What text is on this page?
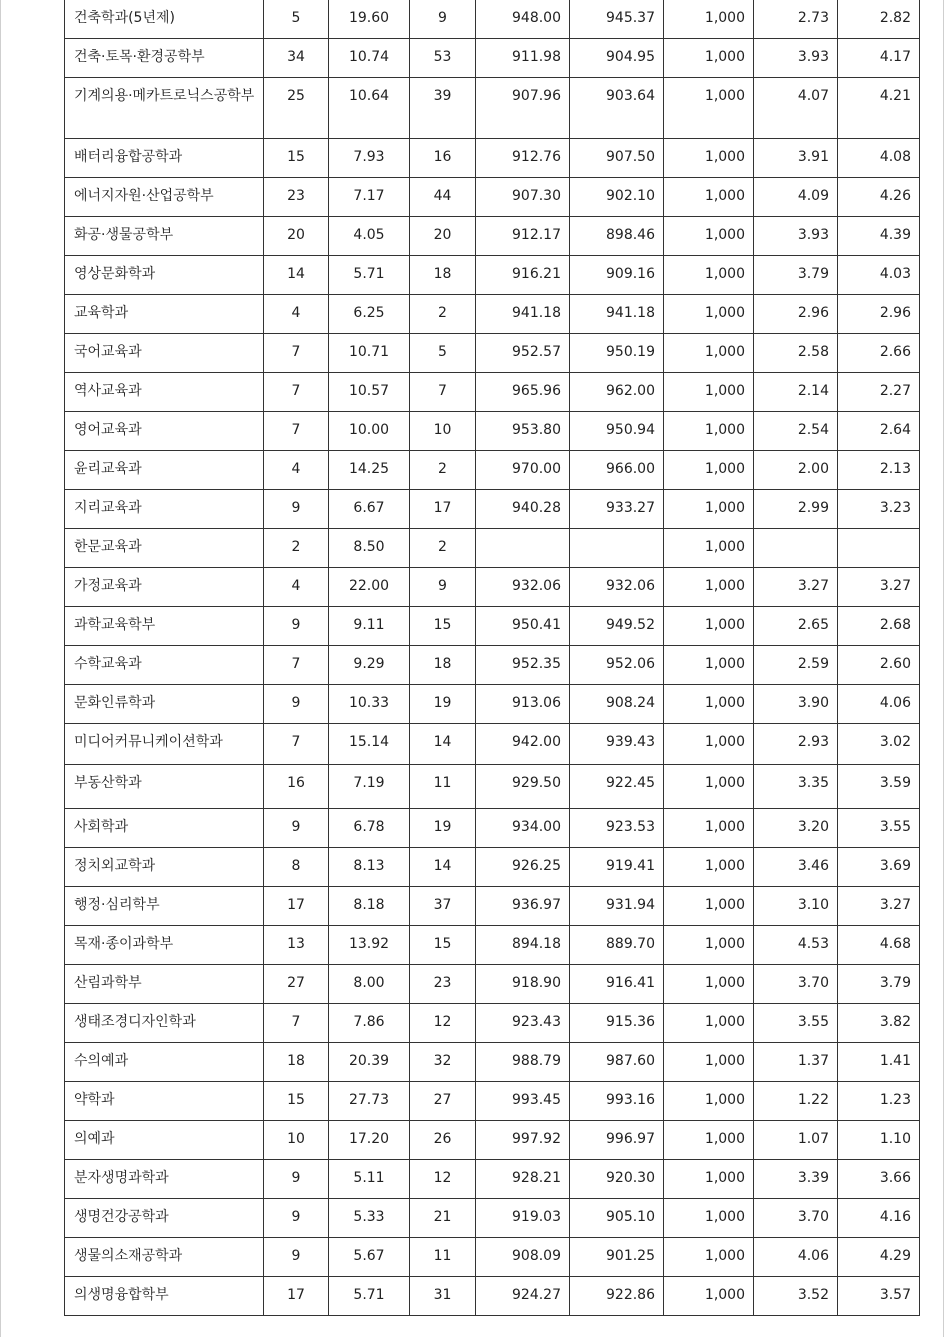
건축학과(5년제)	5	19.60	9	948.00	945.37	1,000	2.73	2.82
건축·토목·환경공학부	34	10.74	53	911.98	904.95	1,000	3.93	4.17
기계의용·메카트로닉스공학부	25	10.64	39	907.96	903.64	1,000	4.07	4.21
배터리융합공학과	15	7.93	16	912.76	907.50	1,000	3.91	4.08
에너지자원·산업공학부	23	7.17	44	907.30	902.10	1,000	4.09	4.26
화공·생물공학부	20	4.05	20	912.17	898.46	1,000	3.93	4.39
영상문화학과	14	5.71	18	916.21	909.16	1,000	3.79	4.03
교육학과	4	6.25	2	941.18	941.18	1,000	2.96	2.96
국어교육과	7	10.71	5	952.57	950.19	1,000	2.58	2.66
역사교육과	7	10.57	7	965.96	962.00	1,000	2.14	2.27
영어교육과	7	10.00	10	953.80	950.94	1,000	2.54	2.64
윤리교육과	4	14.25	2	970.00	966.00	1,000	2.00	2.13
지리교육과	9	6.67	17	940.28	933.27	1,000	2.99	3.23
한문교육과	2	8.50	2			1,000		
가정교육과	4	22.00	9	932.06	932.06	1,000	3.27	3.27
과학교육학부	9	9.11	15	950.41	949.52	1,000	2.65	2.68
수학교육과	7	9.29	18	952.35	952.06	1,000	2.59	2.60
문화인류학과	9	10.33	19	913.06	908.24	1,000	3.90	4.06
미디어커뮤니케이션학과	7	15.14	14	942.00	939.43	1,000	2.93	3.02
부동산학과	16	7.19	11	929.50	922.45	1,000	3.35	3.59
사회학과	9	6.78	19	934.00	923.53	1,000	3.20	3.55
정치외교학과	8	8.13	14	926.25	919.41	1,000	3.46	3.69
행정·심리학부	17	8.18	37	936.97	931.94	1,000	3.10	3.27
목재·종이과학부	13	13.92	15	894.18	889.70	1,000	4.53	4.68
산림과학부	27	8.00	23	918.90	916.41	1,000	3.70	3.79
생태조경디자인학과	7	7.86	12	923.43	915.36	1,000	3.55	3.82
수의예과	18	20.39	32	988.79	987.60	1,000	1.37	1.41
약학과	15	27.73	27	993.45	993.16	1,000	1.22	1.23
의예과	10	17.20	26	997.92	996.97	1,000	1.07	1.10
분자생명과학과	9	5.11	12	928.21	920.30	1,000	3.39	3.66
생명건강공학과	9	5.33	21	919.03	905.10	1,000	3.70	4.16
생물의소재공학과	9	5.67	11	908.09	901.25	1,000	4.06	4.29
의생명융합학부	17	5.71	31	924.27	922.86	1,000	3.52	3.57
